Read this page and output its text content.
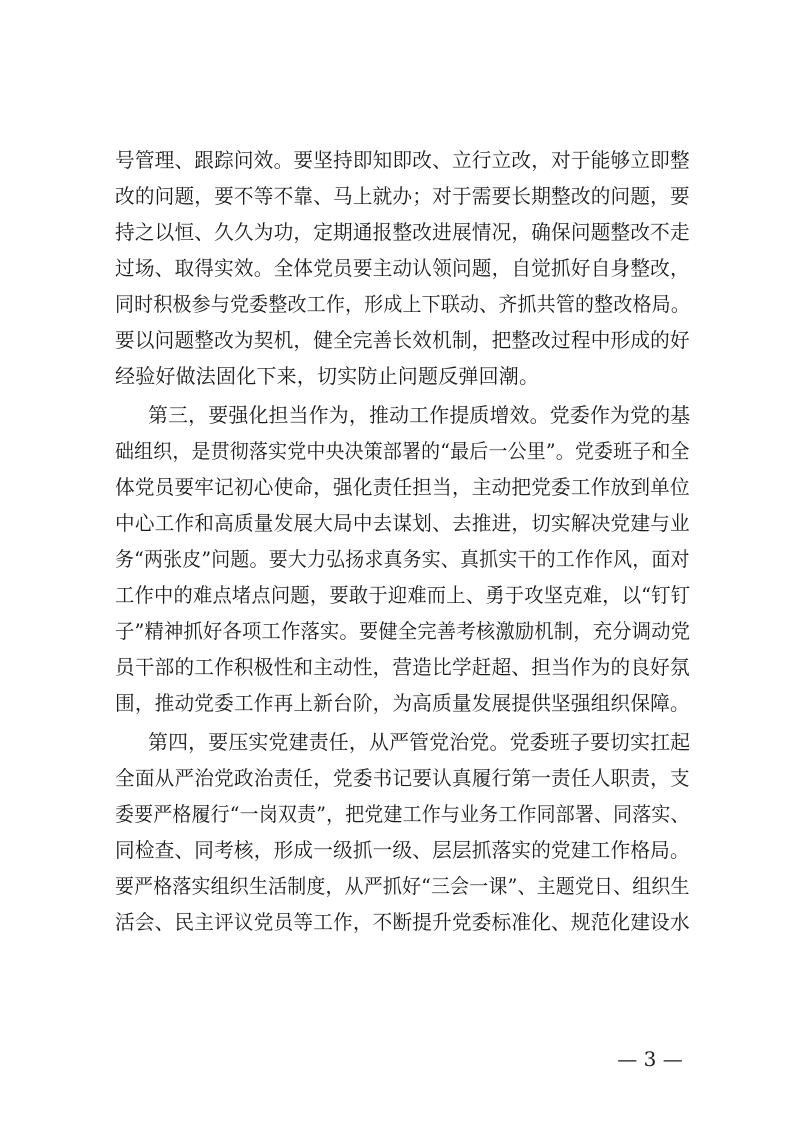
号管理、跟踪问效。要坚持即知即改、立行立改，对于能够立即整
改的问题，要不等不靠、马上就办；对于需要长期整改的问题，要
持之以恒、久久为功，定期通报整改进展情况，确保问题整改不走
过场、取得实效。全体党员要主动认领问题，自觉抓好自身整改，
同时积极参与党委整改工作，形成上下联动、齐抓共管的整改格局。
要以问题整改为契机，健全完善长效机制，把整改过程中形成的好
经验好做法固化下来，切实防止问题反弹回潮。
第三，要强化担当作为，推动工作提质增效。党委作为党的基
础组织，是贯彻落实党中央决策部署的“最后一公里”。党委班子和全
体党员要牢记初心使命，强化责任担当，主动把党委工作放到单位
中心工作和高质量发展大局中去谋划、去推进，切实解决党建与业
务“两张皮”问题。要大力弘扬求真务实、真抓实干的工作作风，面对
工作中的难点堵点问题，要敢于迎难而上、勇于攻坚克难，以“钉钉
子”精神抓好各项工作落实。要健全完善考核激励机制，充分调动党
员干部的工作积极性和主动性，营造比学赶超、担当作为的良好氛
围，推动党委工作再上新台阶，为高质量发展提供坚强组织保障。
第四，要压实党建责任，从严管党治党。党委班子要切实扛起
全面从严治党政治责任，党委书记要认真履行第一责任人职责，支
委要严格履行“一岗双责”，把党建工作与业务工作同部署、同落实、
同检查、同考核，形成一级抓一级、层层抓落实的党建工作格局。
要严格落实组织生活制度，从严抓好“三会一课”、主题党日、组织生
活会、民主评议党员等工作，不断提升党委标准化、规范化建设水
— 3 —
